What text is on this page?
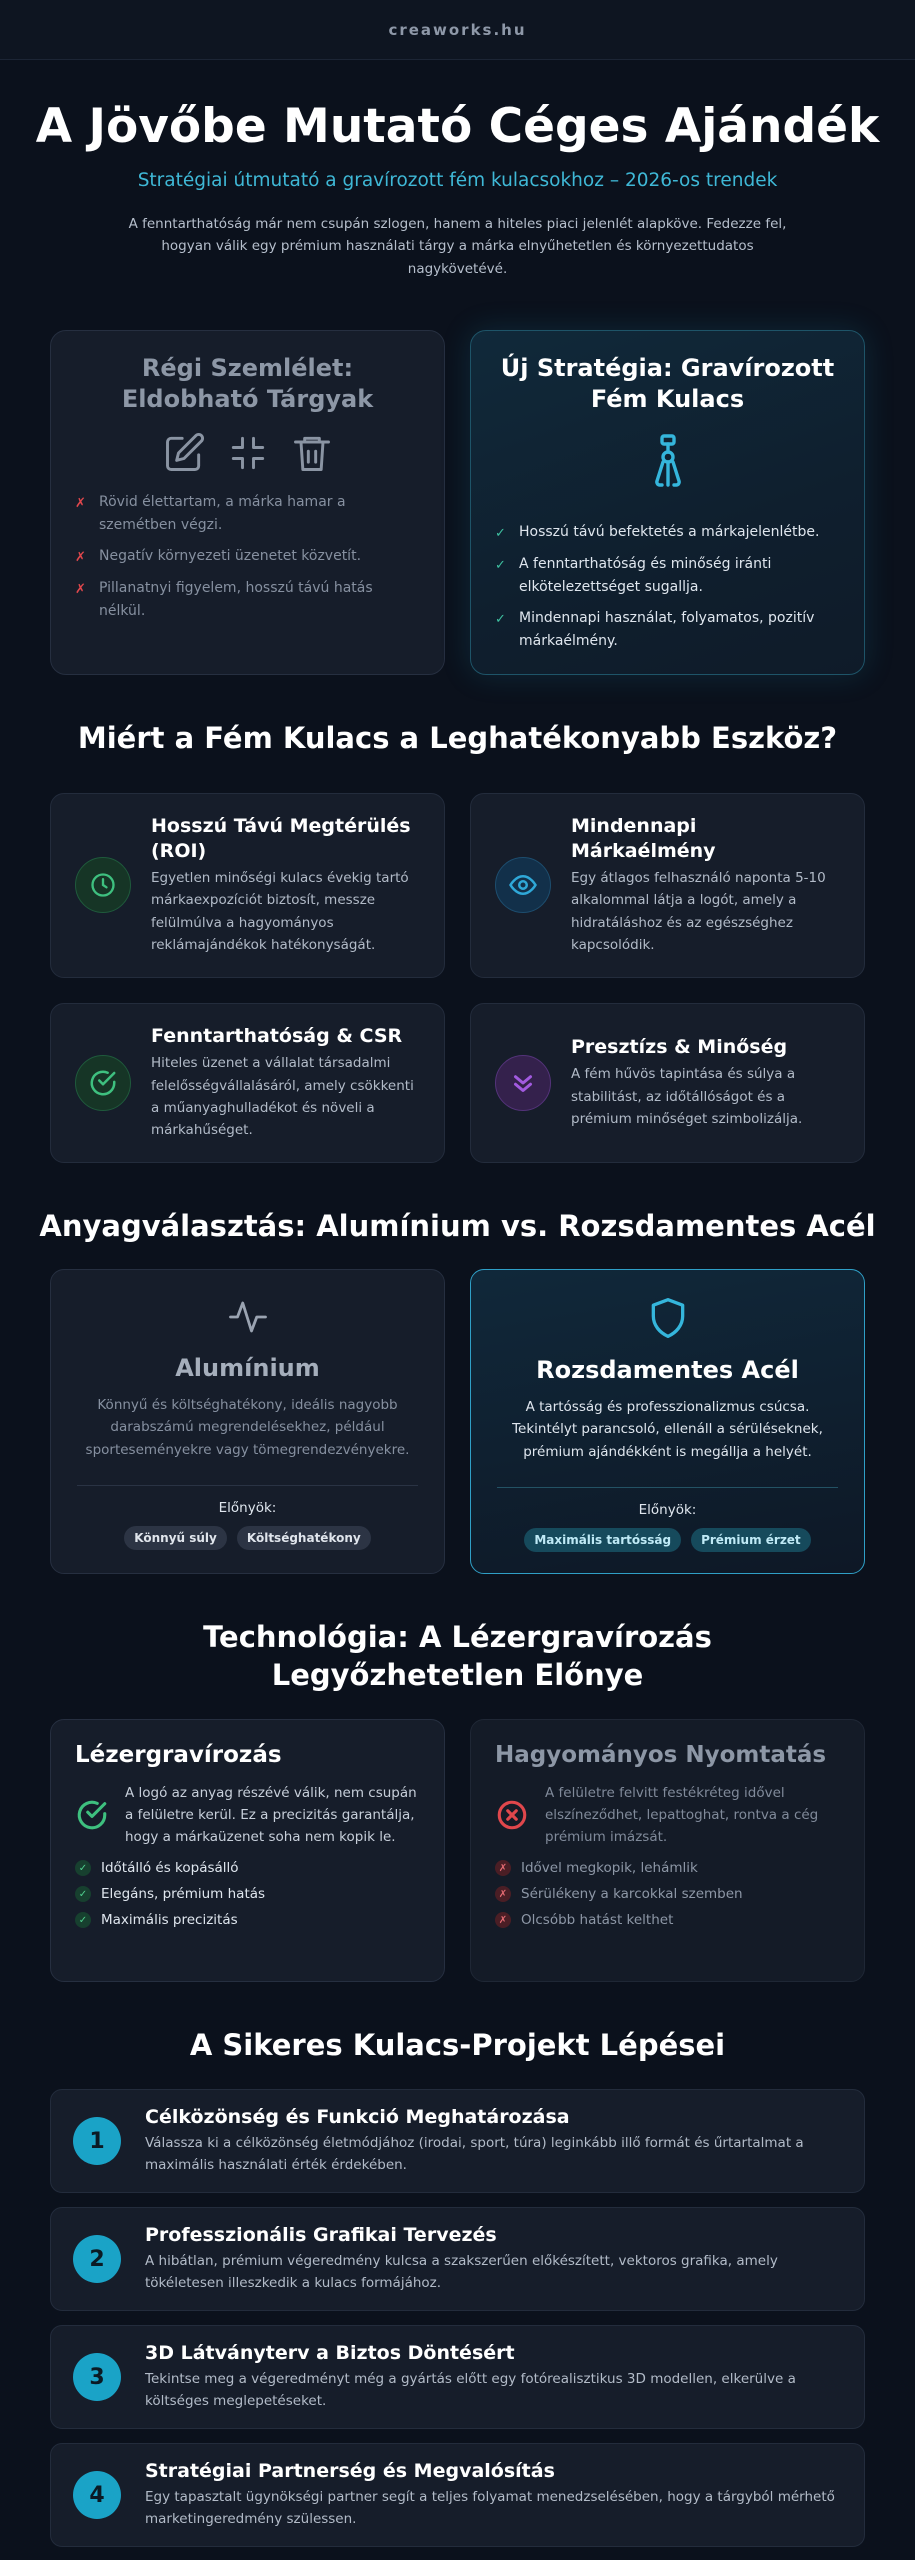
creaworks.hu
A Jövőbe Mutató Céges Ajándék
Stratégiai útmutató a gravírozott fém kulacsokhoz – 2026-os trendek

A fenntarthatóság már nem csupán szlogen, hanem a hiteles piaci jelenlét alapköve. Fedezze fel, hogyan válik egy prémium használati tárgy a márka elnyűhetetlen és környezettudatos nagykövetévé.

Régi Szemlélet: Eldobható Tárgyak
✗ Rövid élettartam, a márka hamar a szemétben végzi.
✗ Negatív környezeti üzenetet közvetít.
✗ Pillanatnyi figyelem, hosszú távú hatás nélkül.
Új Stratégia: Gravírozott Fém Kulacs
✓ Hosszú távú befektetés a márkajelenlétbe.
✓ A fenntarthatóság és minőség iránti elkötelezettséget sugallja.
✓ Mindennapi használat, folyamatos, pozitív márkaélmény.
Miért a Fém Kulacs a Leghatékonyabb Eszköz?
Hosszú Távú Megtérülés (ROI)

Egyetlen minőségi kulacs évekig tartó márkaexpozíciót biztosít, messze felülmúlva a hagyományos reklámajándékok hatékonyságát.

Mindennapi Márkaélmény

Egy átlagos felhasználó naponta 5-10 alkalommal látja a logót, amely a hidratáláshoz és az egészséghez kapcsolódik.

Fenntarthatóság & CSR

Hiteles üzenet a vállalat társadalmi felelősségvállalásáról, amely csökkenti a műanyaghulladékot és növeli a márkahűséget.

Presztízs & Minőség

A fém hűvös tapintása és súlya a stabilitást, az időtállóságot és a prémium minőséget szimbolizálja.

Anyagválasztás: Alumínium vs. Rozsdamentes Acél
Alumínium

Könnyű és költséghatékony, ideális nagyobb darabszámú megrendelésekhez, például sporteseményekre vagy tömegrendezvényekre.

Előnyök:
Könnyű súly	Költséghatékony
Rozsdamentes Acél

A tartósság és professzionalizmus csúcsa. Tekintélyt parancsoló, ellenáll a sérüléseknek, prémium ajándékként is megállja a helyét.

Előnyök:
Maximális tartósság	Prémium érzet
Technológia: A Lézergravírozás Legyőzhetetlen Előnye
Lézergravírozás

A logó az anyag részévé válik, nem csupán a felületre kerül. Ez a precizitás garantálja, hogy a márkaüzenet soha nem kopik le.

✓ Időtálló és kopásálló
✓ Elegáns, prémium hatás
✓ Maximális precizitás
Hagyományos Nyomtatás

A felületre felvitt festékréteg idővel elszíneződhet, lepattoghat, rontva a cég prémium imázsát.

✗ Idővel megkopik, lehámlik
✗ Sérülékeny a karcokkal szemben
✗ Olcsóbb hatást kelthet
A Sikeres Kulacs-Projekt Lépései
1
Célközönség és Funkció Meghatározása

Válassza ki a célközönség életmódjához (irodai, sport, túra) leginkább illő formát és űrtartalmat a maximális használati érték érdekében.

2
Professzionális Grafikai Tervezés

A hibátlan, prémium végeredmény kulcsa a szakszerűen előkészített, vektoros grafika, amely tökéletesen illeszkedik a kulacs formájához.

3
3D Látványterv a Biztos Döntésért

Tekintse meg a végeredményt még a gyártás előtt egy fotórealisztikus 3D modellen, elkerülve a költséges meglepetéseket.

4
Stratégiai Partnerség és Megvalósítás

Egy tapasztalt ügynökségi partner segít a teljes folyamat menedzselésében, hogy a tárgyból mérhető marketingeredmény szülessen.
